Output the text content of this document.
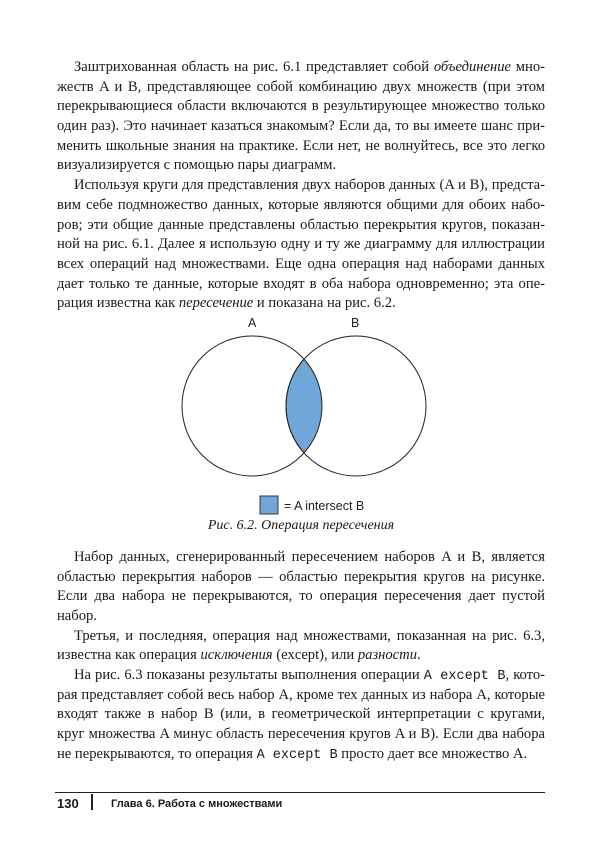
Заштрихованная область на рис. 6.1 представляет собой объединение мно-
жеств A и B, представляющее собой комбинацию двух множеств (при этом
перекрывающиеся области включаются в результирующее множество только
один раз). Это начинает казаться знакомым? Если да, то вы имеете шанс при-
менить школьные знания на практике. Если нет, не волнуйтесь, все это легко
визуализируется с помощью пары диаграмм.
Используя круги для представления двух наборов данных (A и B), предста-
вим себе подмножество данных, которые являются общими для обоих набо-
ров; эти общие данные представлены областью перекрытия кругов, показан-
ной на рис. 6.1. Далее я использую одну и ту же диаграмму для иллюстрации
всех операций над множествами. Еще одна операция над наборами данных
дает только те данные, которые входят в оба набора одновременно; эта опе-
рация известна как пересечение и показана на рис. 6.2.
A	B
= A intersect B
Рис. 6.2. Операция пересечения
Набор данных, сгенерированный пересечением наборов A и B, является
областью перекрытия наборов — областью перекрытия кругов на рисунке.
Если два набора не перекрываются, то операция пересечения дает пустой
набор.
Третья, и последняя, операция над множествами, показанная на рис. 6.3,
известна как операция исключения (except), или разности.
На рис. 6.3 показаны результаты выполнения операции A except B, кото-
рая представляет собой весь набор A, кроме тех данных из набора A, которые
входят также в набор B (или, в геометрической интерпретации с кругами,
круг множества A минус область пересечения кругов A и B). Если два набора
не перекрываются, то операция A except B просто дает все множество A.
130	Глава 6. Работа с множествами
